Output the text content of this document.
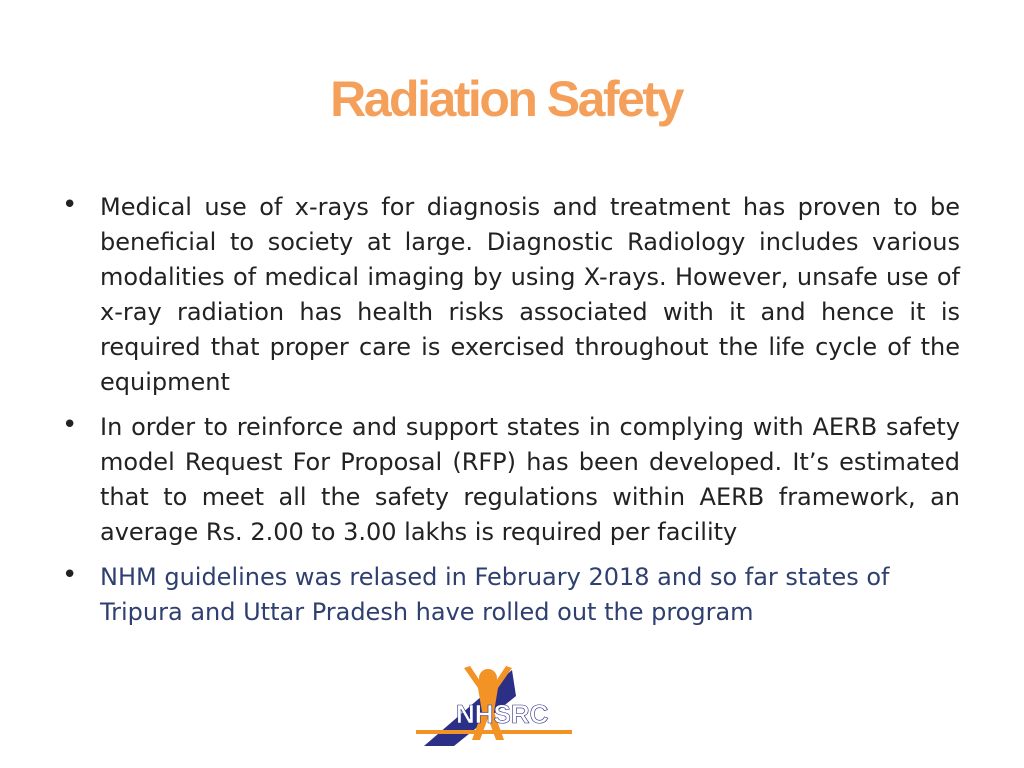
Radiation Safety
• Medical use of x-rays for diagnosis and treatment has proven to be beneficial to society at large. Diagnostic Radiology includes various modalities of medical imaging by using X-rays. However, unsafe use of x-ray radiation has health risks associated with it and hence it is required that proper care is exercised throughout the life cycle of the equipment
• In order to reinforce and support states in complying with AERB safety model Request For Proposal (RFP) has been developed. It’s estimated that to meet all the safety regulations within AERB framework, an average Rs. 2.00 to 3.00 lakhs is required per facility
• NHM guidelines was relased in February 2018 and so far states of Tripura and Uttar Pradesh have rolled out the program
NHSRC
